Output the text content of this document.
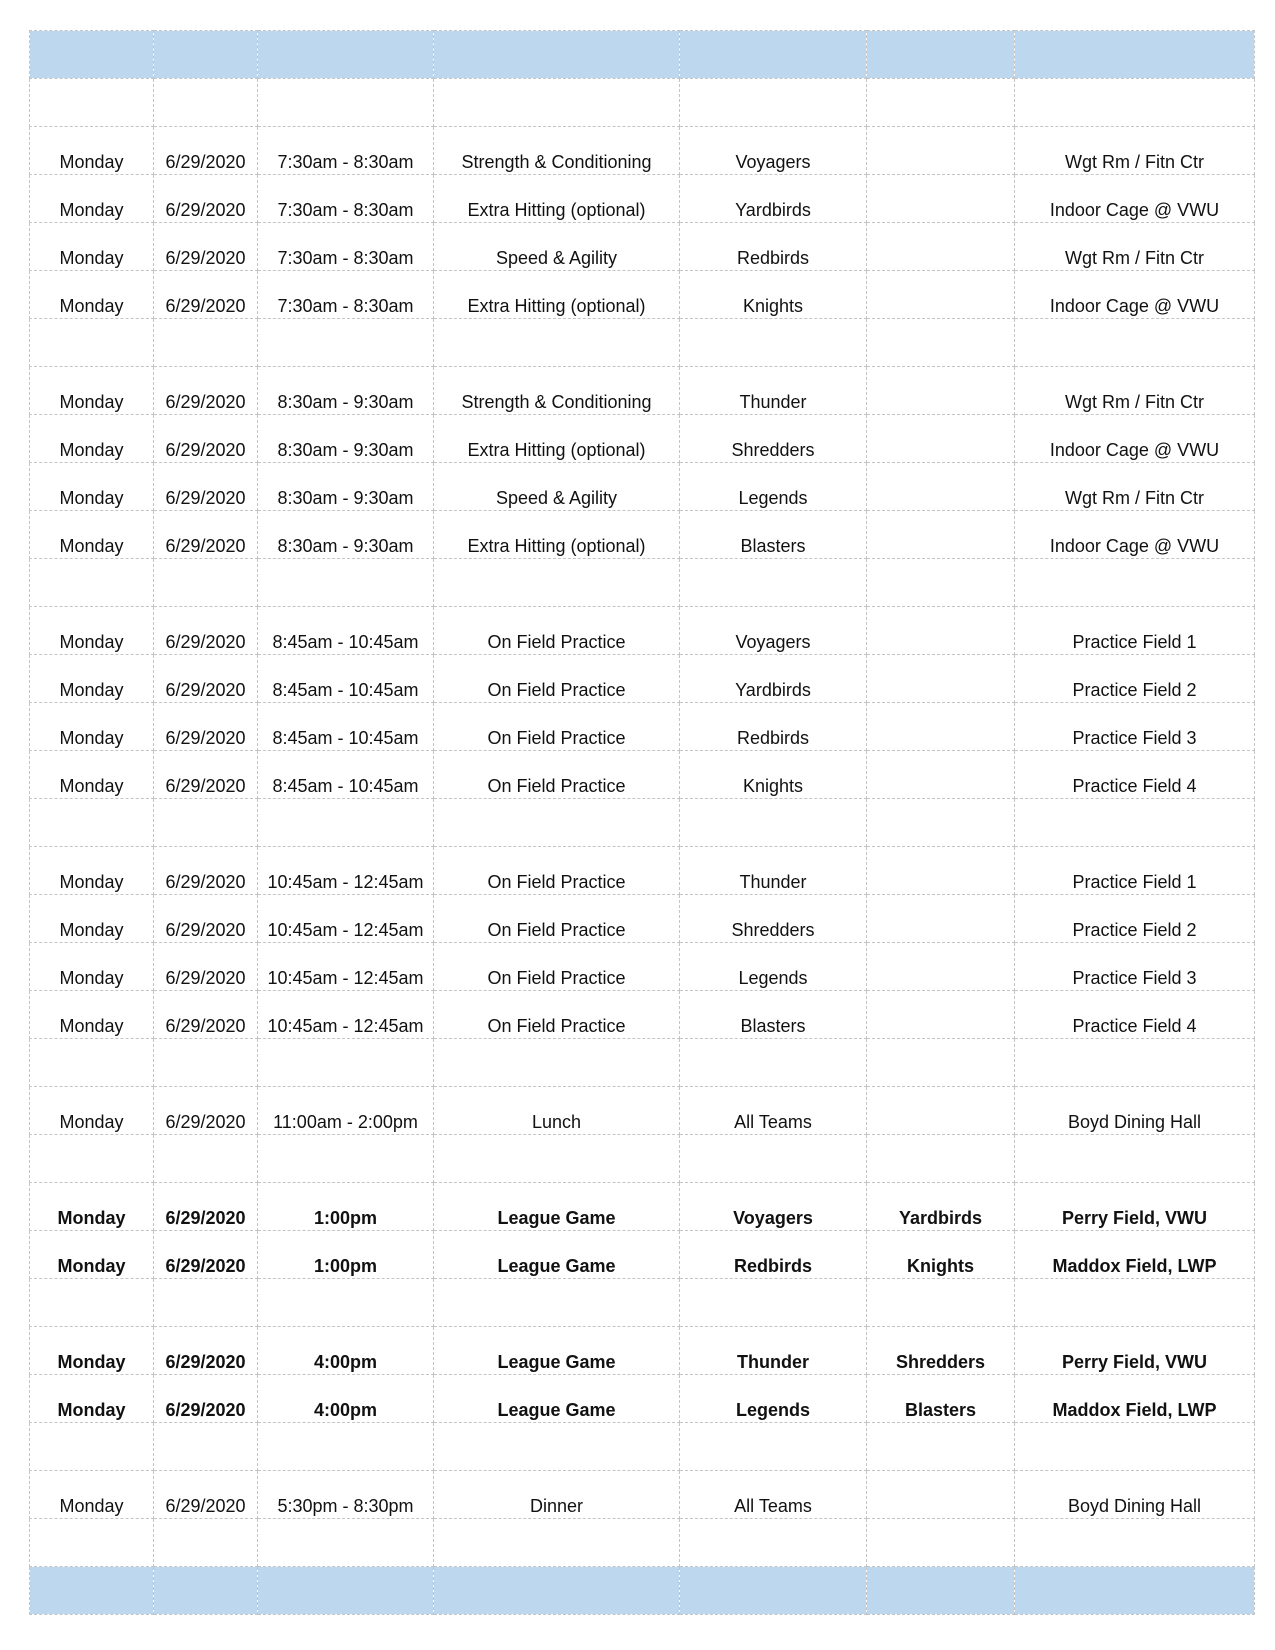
Monday	6/29/2020	7:30am - 8:30am	Strength & Conditioning	Voyagers		Wgt Rm / Fitn Ctr
Monday	6/29/2020	7:30am - 8:30am	Extra Hitting (optional)	Yardbirds		Indoor Cage @ VWU
Monday	6/29/2020	7:30am - 8:30am	Speed & Agility	Redbirds		Wgt Rm / Fitn Ctr
Monday	6/29/2020	7:30am - 8:30am	Extra Hitting (optional)	Knights		Indoor Cage @ VWU

Monday	6/29/2020	8:30am - 9:30am	Strength & Conditioning	Thunder		Wgt Rm / Fitn Ctr
Monday	6/29/2020	8:30am - 9:30am	Extra Hitting (optional)	Shredders		Indoor Cage @ VWU
Monday	6/29/2020	8:30am - 9:30am	Speed & Agility	Legends		Wgt Rm / Fitn Ctr
Monday	6/29/2020	8:30am - 9:30am	Extra Hitting (optional)	Blasters		Indoor Cage @ VWU

Monday	6/29/2020	8:45am - 10:45am	On Field Practice	Voyagers		Practice Field 1
Monday	6/29/2020	8:45am - 10:45am	On Field Practice	Yardbirds		Practice Field 2
Monday	6/29/2020	8:45am - 10:45am	On Field Practice	Redbirds		Practice Field 3
Monday	6/29/2020	8:45am - 10:45am	On Field Practice	Knights		Practice Field 4

Monday	6/29/2020	10:45am - 12:45am	On Field Practice	Thunder		Practice Field 1
Monday	6/29/2020	10:45am - 12:45am	On Field Practice	Shredders		Practice Field 2
Monday	6/29/2020	10:45am - 12:45am	On Field Practice	Legends		Practice Field 3
Monday	6/29/2020	10:45am - 12:45am	On Field Practice	Blasters		Practice Field 4

Monday	6/29/2020	11:00am - 2:00pm	Lunch	All Teams		Boyd Dining Hall

Monday	6/29/2020	1:00pm	League Game	Voyagers	Yardbirds	Perry Field, VWU
Monday	6/29/2020	1:00pm	League Game	Redbirds	Knights	Maddox Field, LWP

Monday	6/29/2020	4:00pm	League Game	Thunder	Shredders	Perry Field, VWU
Monday	6/29/2020	4:00pm	League Game	Legends	Blasters	Maddox Field, LWP

Monday	6/29/2020	5:30pm - 8:30pm	Dinner	All Teams		Boyd Dining Hall
